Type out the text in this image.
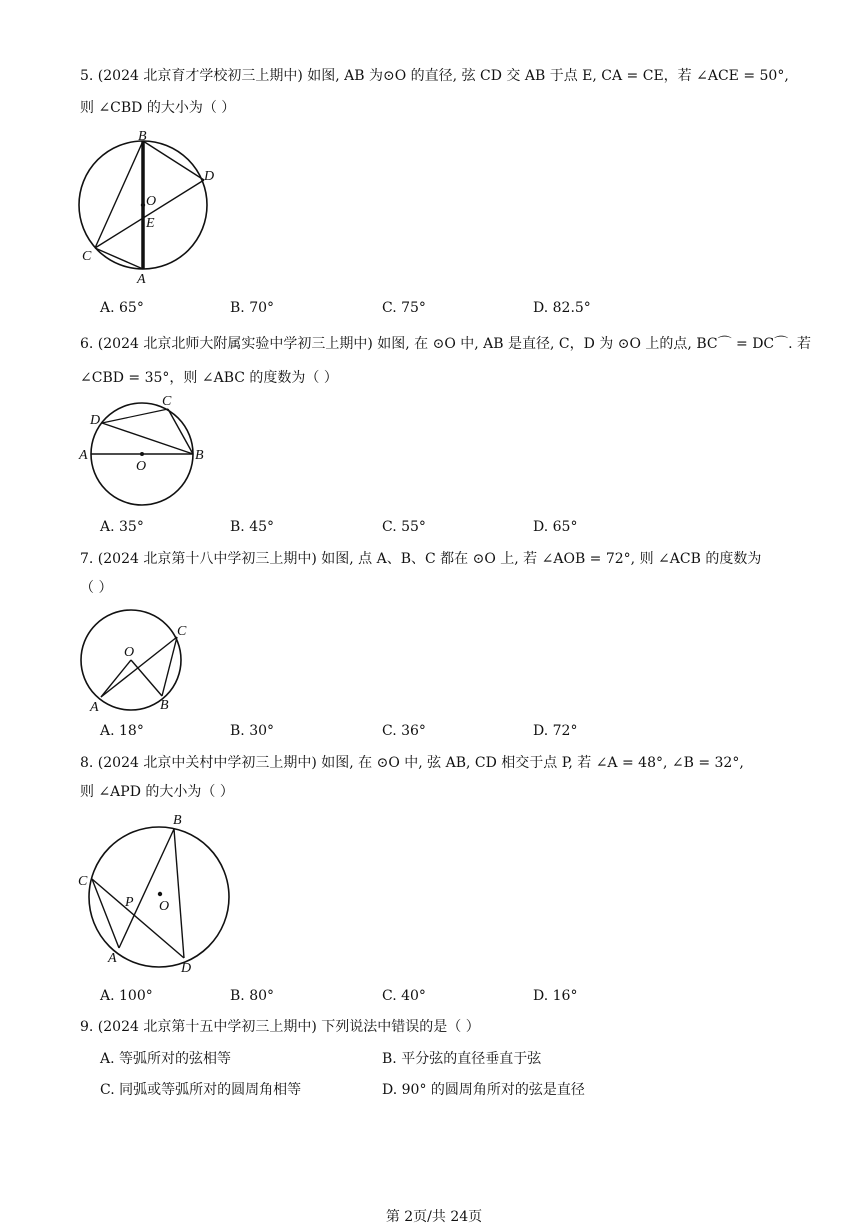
5. (2024 北京育才学校初三上期中) 如图, AB 为⊙O 的直径, 弦 CD 交 AB 于点 E, CA = CE，若 ∠ACE = 50°,
则 ∠CBD 的大小为（ ）
B
D
O
E
C
A
A. 65°	B. 70°	C. 75°	D. 82.5°
6. (2024 北京北师大附属实验中学初三上期中) 如图, 在 ⊙O 中, AB 是直径, C，D 为 ⊙O 上的点, BC⌒ = DC⌒. 若
∠CBD = 35°，则 ∠ABC 的度数为（ ）
C
D
A
O
B
A. 35°	B. 45°	C. 55°	D. 65°
7. (2024 北京第十八中学初三上期中) 如图, 点 A、B、C 都在 ⊙O 上, 若 ∠AOB = 72°, 则 ∠ACB 的度数为
（ ）
C
O
A	B
A. 18°	B. 30°	C. 36°	D. 72°
8. (2024 北京中关村中学初三上期中) 如图, 在 ⊙O 中, 弦 AB, CD 相交于点 P, 若 ∠A = 48°, ∠B = 32°,
则 ∠APD 的大小为（ ）
B
C
P O
A
D
A. 100°	B. 80°	C. 40°	D. 16°
9. (2024 北京第十五中学初三上期中) 下列说法中错误的是（ ）
A. 等弧所对的弦相等	B. 平分弦的直径垂直于弦
C. 同弧或等弧所对的圆周角相等	D. 90° 的圆周角所对的弦是直径
第 2页/共 24页
